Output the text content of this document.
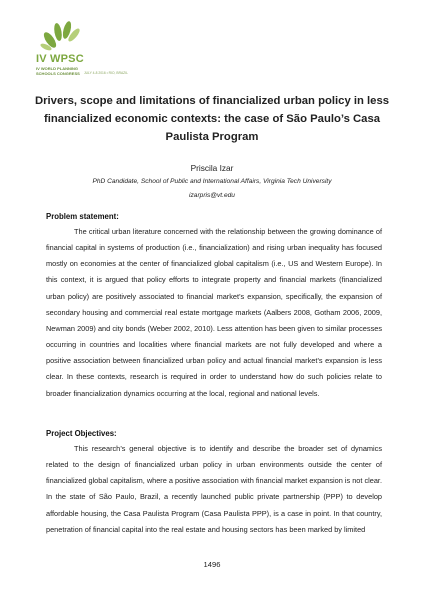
IV WPSC
IV WORLD PLANNING SCHOOLS CONGRESS	JULY 4-8 2016 • RIO, BRAZIL
Drivers, scope and limitations of financialized urban policy in less financialized economic contexts: the case of São Paulo’s Casa Paulista Program
Priscila Izar
PhD Candidate, School of Public and International Affairs, Virginia Tech University
izarpris@vt.edu
Problem statement:

The critical urban literature concerned with the relationship between the growing dominance of financial capital in systems of production (i.e., financialization) and rising urban inequality has focused mostly on economies at the center of financialized global capitalism (i.e., US and Western Europe). In this context, it is argued that policy efforts to integrate property and financial markets (financialized urban policy) are positively associated to financial market’s expansion, specifically, the expansion of secondary housing and commercial real estate mortgage markets (Aalbers 2008, Gotham 2006, 2009, Newman 2009) and city bonds (Weber 2002, 2010). Less attention has been given to similar processes occurring in countries and localities where financial markets are not fully developed and where a positive association between financialized urban policy and actual financial market’s expansion is less clear. In these contexts, research is required in order to understand how do such policies relate to broader financialization dynamics occurring at the local, regional and national levels.

Project Objectives:

This research’s general objective is to identify and describe the broader set of dynamics related to the design of financialized urban policy in urban environments outside the center of financialized global capitalism, where a positive association with financial market expansion is not clear. In the state of São Paulo, Brazil, a recently launched public private partnership (PPP) to develop affordable housing, the Casa Paulista Program (Casa Paulista PPP), is a case in point. In that country, penetration of financial capital into the real estate and housing sectors has been marked by limited

1496
